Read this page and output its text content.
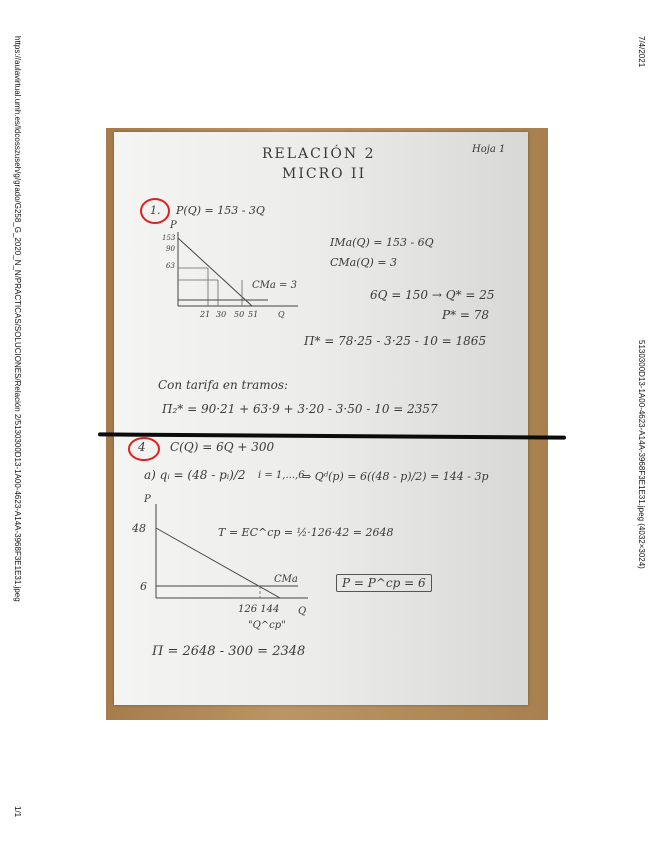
https://aulavirtual.umh.es/ldcosszuseh/g/grado/G258_G_2020_N_N/PRACTICAS/SOLUCIONES/Relación 2/5130300D13-1A00-4623-A14A-3968F3E1E31.jpeg	7/4/2021
5130300D13-1A00-4623-A14A-3968F3E1E31.jpeg (4032×3024)
1/1
RELACIÓN 2
MICRO II
Hoja 1
1. P(Q) = 153 - 3Q
P
153
90
63
21 30 50 51 Q
CMa = 3
IMa(Q) = 153 - 6Q
CMa(Q) = 3
6Q = 150 → Q* = 25
P* = 78
Π* = 78·25 - 3·25 - 10 = 1865
Con tarifa en tramos:
Π₂* = 90·21 + 63·9 + 3·20 - 3·50 - 10 = 2357
4 C(Q) = 6Q + 300
a) qᵢ = (48 - pᵢ)/2 i = 1,...,6
⇒ Qᵈ(p) = 6((48 - p)/2) = 144 - 3p
P
48
6
126 144 Q
"Q^cp"
CMa
T = EC^cp = ½·126·42 = 2648
P = P^cp = 6
Π = 2648 - 300 = 2348
